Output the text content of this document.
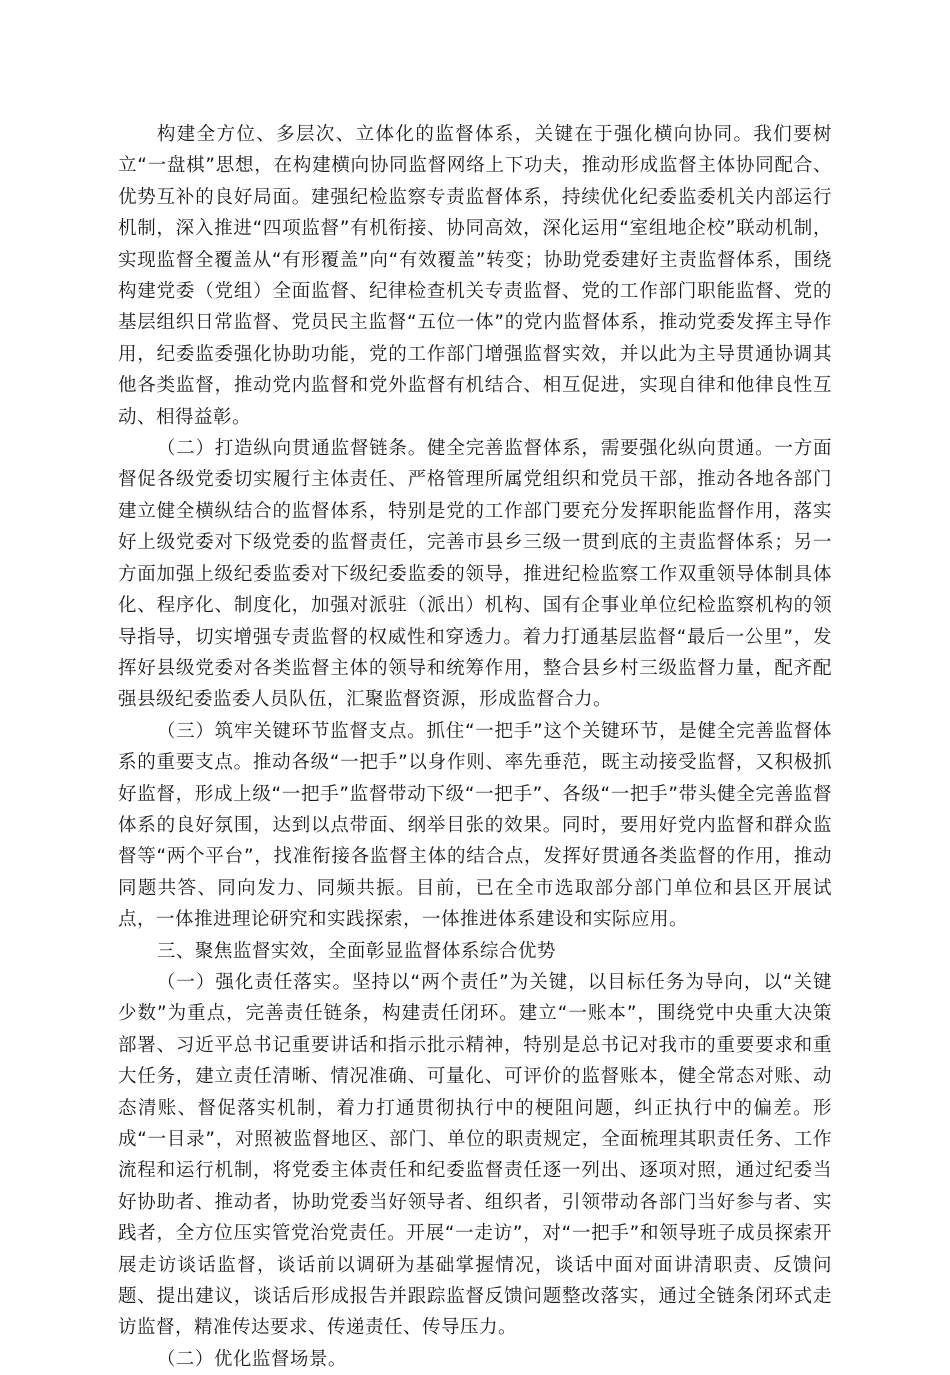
构建全方位、多层次、立体化的监督体系，关键在于强化横向协同。我们要树立“一盘棋”思想，在构建横向协同监督网络上下功夫，推动形成监督主体协同配合、优势互补的良好局面。建强纪检监察专责监督体系，持续优化纪委监委机关内部运行机制，深入推进“四项监督”有机衔接、协同高效，深化运用“室组地企校”联动机制，实现监督全覆盖从“有形覆盖”向“有效覆盖”转变；协助党委建好主责监督体系，围绕构建党委（党组）全面监督、纪律检查机关专责监督、党的工作部门职能监督、党的基层组织日常监督、党员民主监督“五位一体”的党内监督体系，推动党委发挥主导作用，纪委监委强化协助功能，党的工作部门增强监督实效，并以此为主导贯通协调其他各类监督，推动党内监督和党外监督有机结合、相互促进，实现自律和他律良性互动、相得益彰。

（二）打造纵向贯通监督链条。健全完善监督体系，需要强化纵向贯通。一方面督促各级党委切实履行主体责任、严格管理所属党组织和党员干部，推动各地各部门建立健全横纵结合的监督体系，特别是党的工作部门要充分发挥职能监督作用，落实好上级党委对下级党委的监督责任，完善市县乡三级一贯到底的主责监督体系；另一方面加强上级纪委监委对下级纪委监委的领导，推进纪检监察工作双重领导体制具体化、程序化、制度化，加强对派驻（派出）机构、国有企事业单位纪检监察机构的领导指导，切实增强专责监督的权威性和穿透力。着力打通基层监督“最后一公里”，发挥好县级党委对各类监督主体的领导和统筹作用，整合县乡村三级监督力量，配齐配强县级纪委监委人员队伍，汇聚监督资源，形成监督合力。

（三）筑牢关键环节监督支点。抓住“一把手”这个关键环节，是健全完善监督体系的重要支点。推动各级“一把手”以身作则、率先垂范，既主动接受监督，又积极抓好监督，形成上级“一把手”监督带动下级“一把手”、各级“一把手”带头健全完善监督体系的良好氛围，达到以点带面、纲举目张的效果。同时，要用好党内监督和群众监督等“两个平台”，找准衔接各监督主体的结合点，发挥好贯通各类监督的作用，推动同题共答、同向发力、同频共振。目前，已在全市选取部分部门单位和县区开展试点，一体推进理论研究和实践探索，一体推进体系建设和实际应用。

三、聚焦监督实效，全面彰显监督体系综合优势

（一）强化责任落实。坚持以“两个责任”为关键，以目标任务为导向，以“关键少数”为重点，完善责任链条，构建责任闭环。建立“一账本”，围绕党中央重大决策部署、习近平总书记重要讲话和指示批示精神，特别是总书记对我市的重要要求和重大任务，建立责任清晰、情况准确、可量化、可评价的监督账本，健全常态对账、动态清账、督促落实机制，着力打通贯彻执行中的梗阻问题，纠正执行中的偏差。形成“一目录”，对照被监督地区、部门、单位的职责规定，全面梳理其职责任务、工作流程和运行机制，将党委主体责任和纪委监督责任逐一列出、逐项对照，通过纪委当好协助者、推动者，协助党委当好领导者、组织者，引领带动各部门当好参与者、实践者，全方位压实管党治党责任。开展“一走访”，对“一把手”和领导班子成员探索开展走访谈话监督，谈话前以调研为基础掌握情况，谈话中面对面讲清职责、反馈问题、提出建议，谈话后形成报告并跟踪监督反馈问题整改落实，通过全链条闭环式走访监督，精准传达要求、传递责任、传导压力。

（二）优化监督场景。
